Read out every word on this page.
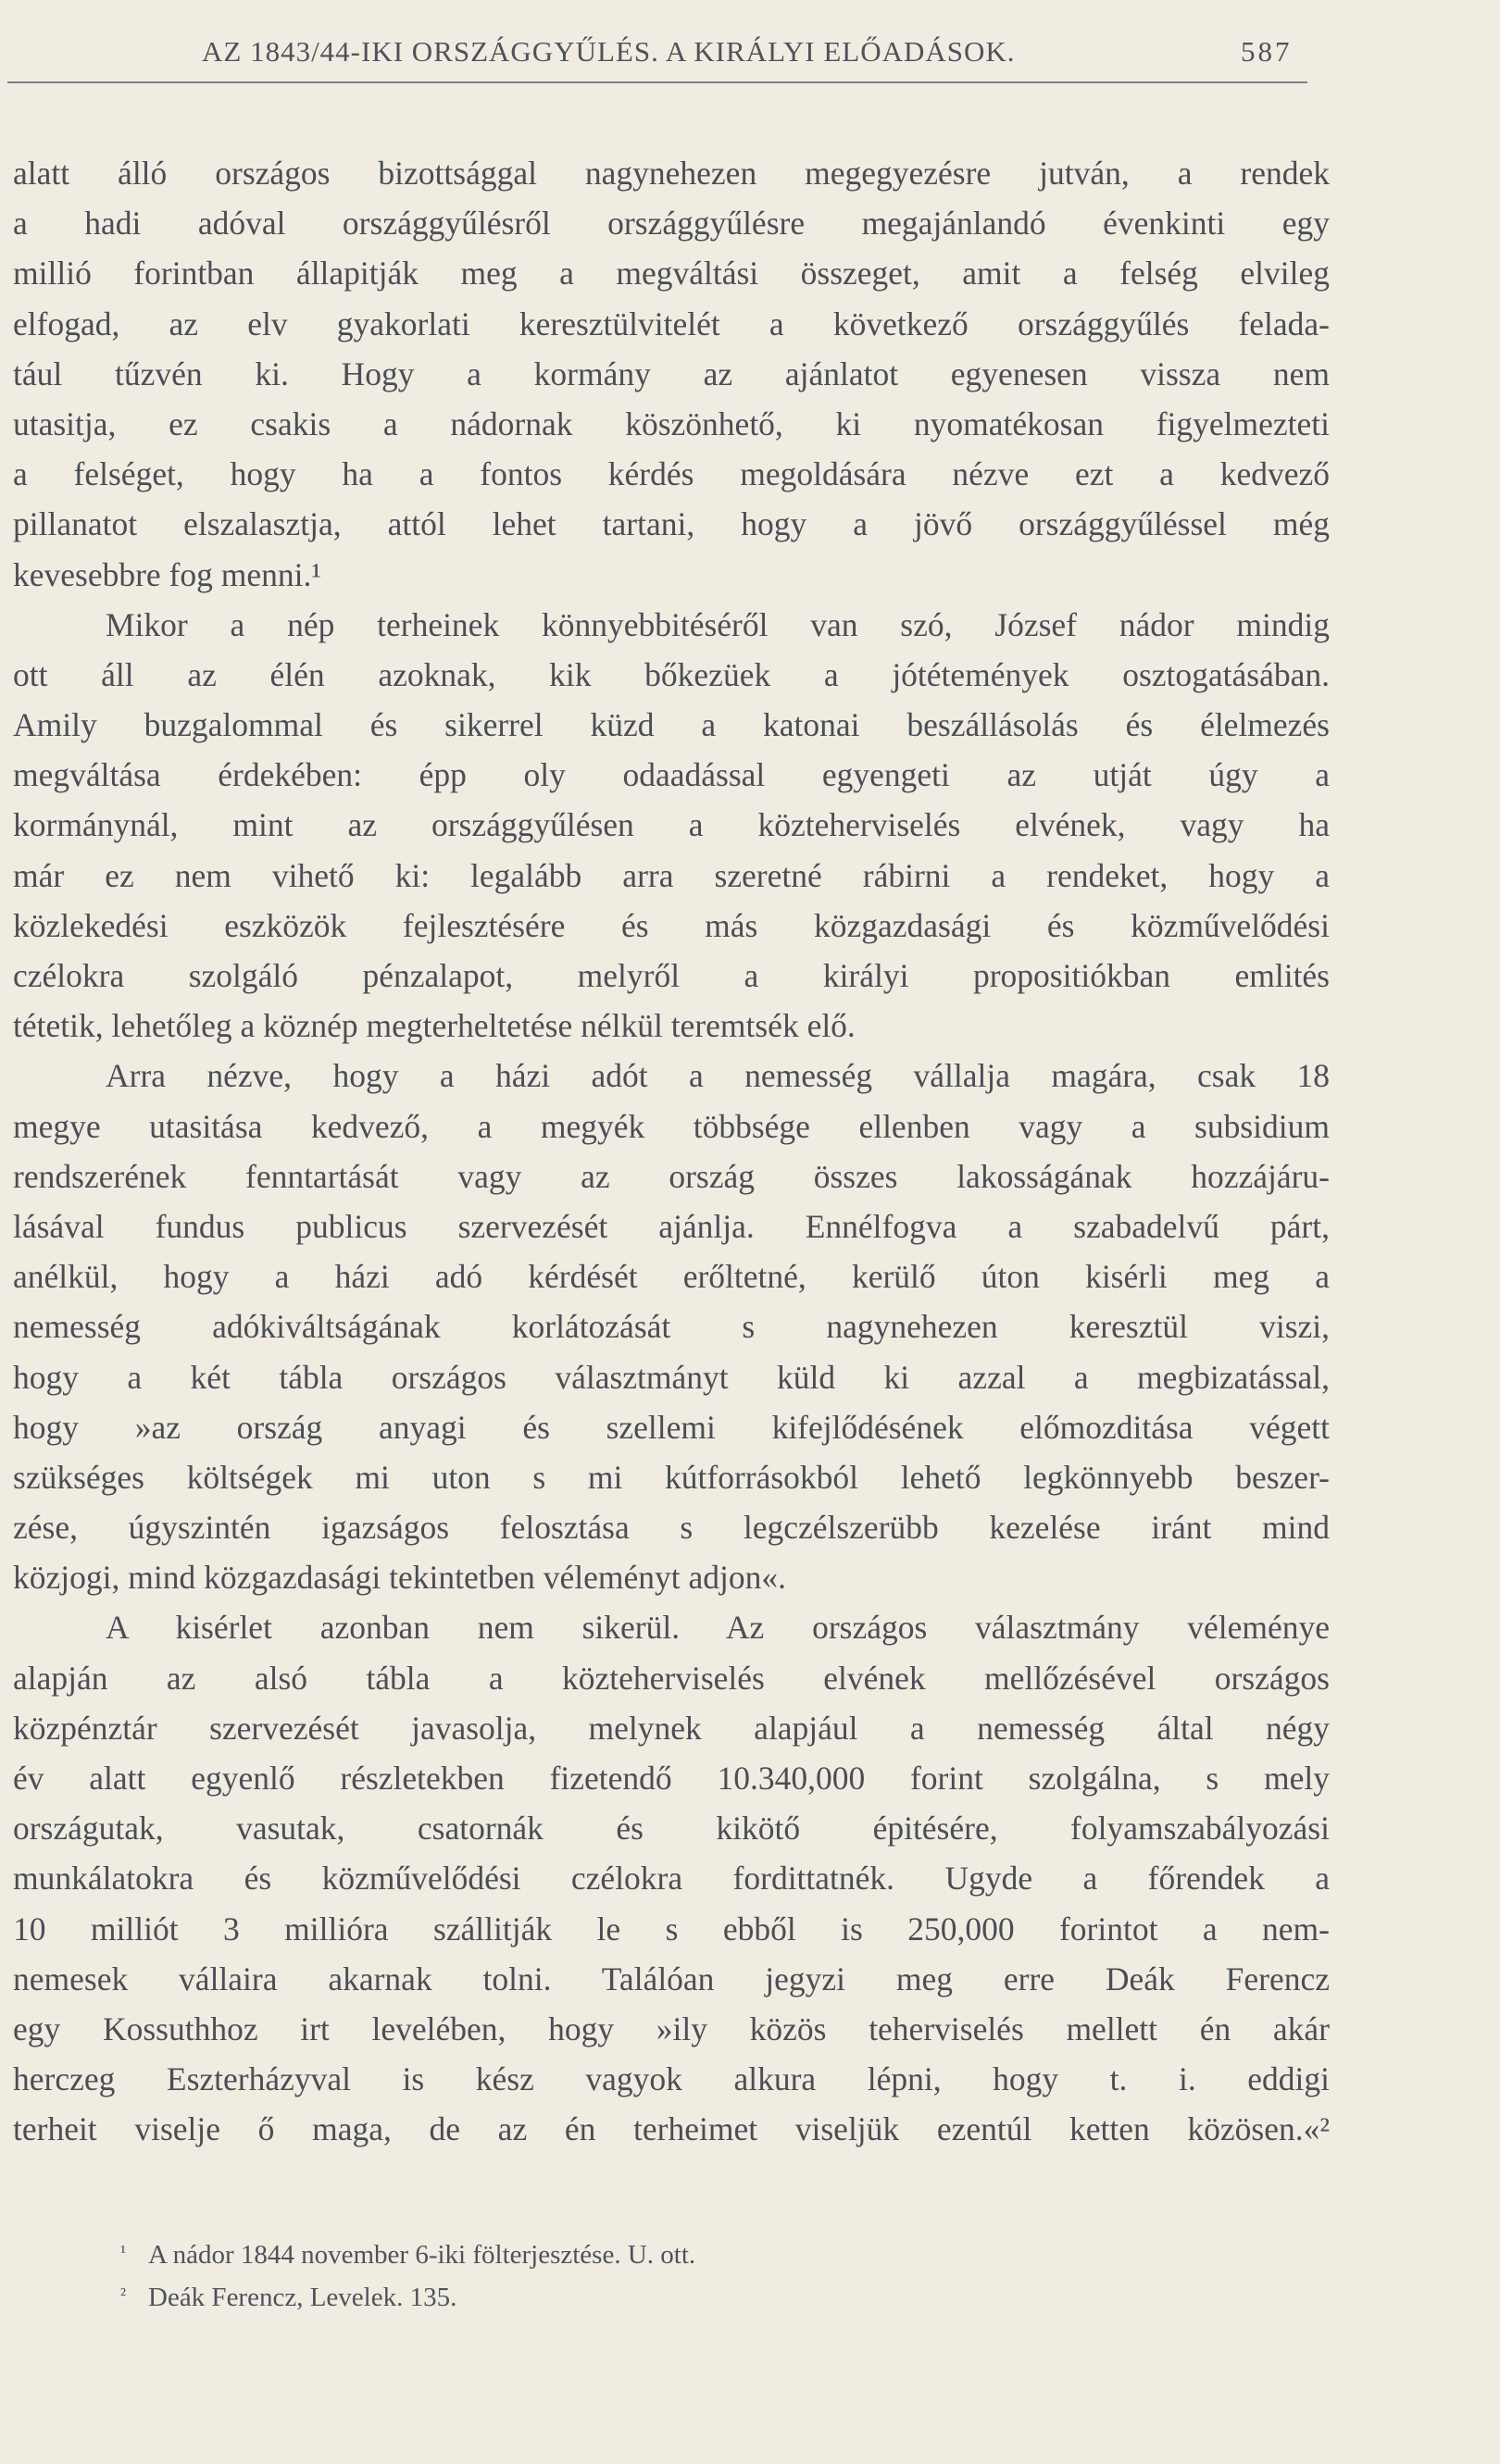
AZ 1843/44-IKI ORSZÁGGYŰLÉS. A KIRÁLYI ELŐADÁSOK.	587
alatt álló országos bizottsággal nagynehezen megegyezésre jutván, a rendek
a hadi adóval országgyűlésről országgyűlésre megajánlandó évenkinti egy
millió forintban állapitják meg a megváltási összeget, amit a felség elvileg
elfogad, az elv gyakorlati keresztülvitelét a következő országgyűlés felada-
tául tűzvén ki. Hogy a kormány az ajánlatot egyenesen vissza nem
utasitja, ez csakis a nádornak köszönhető, ki nyomatékosan figyelmezteti
a felséget, hogy ha a fontos kérdés megoldására nézve ezt a kedvező
pillanatot elszalasztja, attól lehet tartani, hogy a jövő országgyűléssel még
kevesebbre fog menni.¹
Mikor a nép terheinek könnyebbitéséről van szó, József nádor mindig
ott áll az élén azoknak, kik bőkezüek a jótétemények osztogatásában.
Amily buzgalommal és sikerrel küzd a katonai beszállásolás és élelmezés
megváltása érdekében: épp oly odaadással egyengeti az utját úgy a
kormánynál, mint az országgyűlésen a közteherviselés elvének, vagy ha
már ez nem vihető ki: legalább arra szeretné rábirni a rendeket, hogy a
közlekedési eszközök fejlesztésére és más közgazdasági és közművelődési
czélokra szolgáló pénzalapot, melyről a királyi propositiókban emlités
tétetik, lehetőleg a köznép megterheltetése nélkül teremtsék elő.
Arra nézve, hogy a házi adót a nemesség vállalja magára, csak 18
megye utasitása kedvező, a megyék többsége ellenben vagy a subsidium
rendszerének fenntartását vagy az ország összes lakosságának hozzájáru-
lásával fundus publicus szervezését ajánlja. Ennélfogva a szabadelvű párt,
anélkül, hogy a házi adó kérdését erőltetné, kerülő úton kisérli meg a
nemesség adókiváltságának korlátozását s nagynehezen keresztül viszi,
hogy a két tábla országos választmányt küld ki azzal a megbizatással,
hogy »az ország anyagi és szellemi kifejlődésének előmozditása végett
szükséges költségek mi uton s mi kútforrásokból lehető legkönnyebb beszer-
zése, úgyszintén igazságos felosztása s legczélszerübb kezelése iránt mind
közjogi, mind közgazdasági tekintetben véleményt adjon«.
A kisérlet azonban nem sikerül. Az országos választmány véleménye
alapján az alsó tábla a közteherviselés elvének mellőzésével országos
közpénztár szervezését javasolja, melynek alapjául a nemesség által négy
év alatt egyenlő részletekben fizetendő 10.340,000 forint szolgálna, s mely
országutak, vasutak, csatornák és kikötő épitésére, folyamszabályozási
munkálatokra és közművelődési czélokra fordittatnék. Ugyde a főrendek a
10 milliót 3 millióra szállitják le s ebből is 250,000 forintot a nem-
nemesek vállaira akarnak tolni. Találóan jegyzi meg erre Deák Ferencz
egy Kossuthhoz irt levelében, hogy »ily közös teherviselés mellett én akár
herczeg Eszterházyval is kész vagyok alkura lépni, hogy t. i. eddigi
terheit viselje ő maga, de az én terheimet viseljük ezentúl ketten közösen.«²
¹ A nádor 1844 november 6-iki fölterjesztése. U. ott.
² Deák Ferencz, Levelek. 135.
